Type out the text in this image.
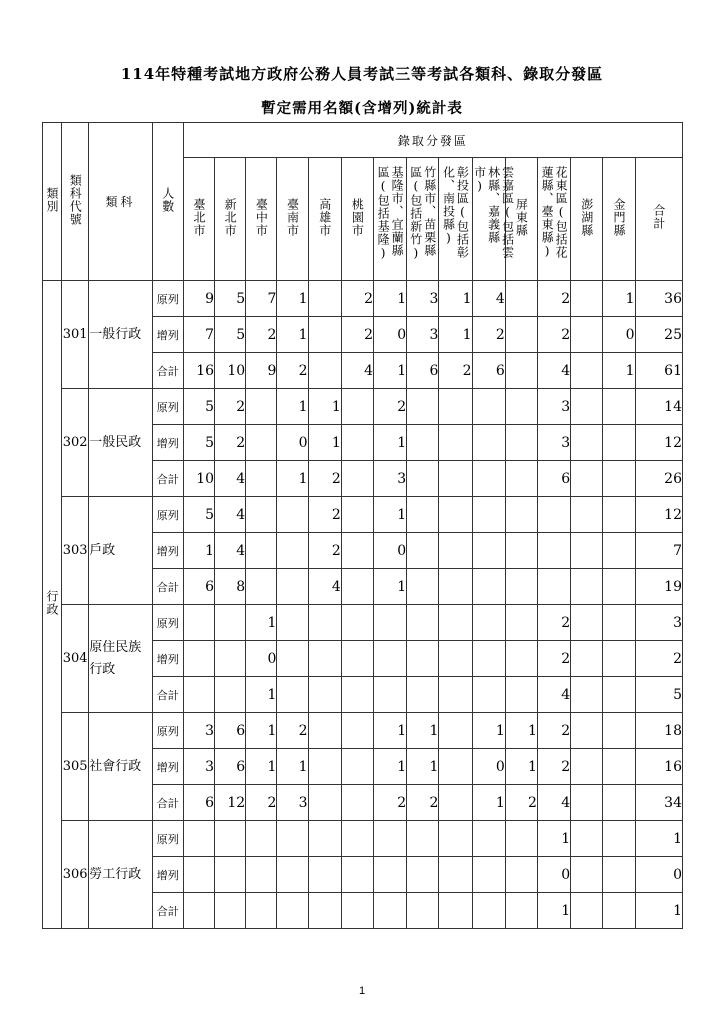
114年特種考試地方政府公務人員考試三等考試各類科、錄取分發區
暫定需用名額(含增列)統計表
類別	類科代號	類科	人數	錄取分發區														
				臺北市	新北市	臺中市	臺南市	高雄市	桃園市	基隆市、宜蘭縣區(包括基隆)	竹縣市、苗栗縣區(包括新竹)	彰投區(包括彰化、南投縣)	雲嘉區(包括雲林縣、嘉義縣市)	屏東縣	花東區(包括花蓮縣、臺東縣)	澎湖縣	金門縣	合計
行政	301	一般行政	原列	9	5	7	1		2	1	3	1	4		2		1	36
			增列	7	5	2	1		2	0	3	1	2		2		0	25
			合計	16	10	9	2		4	1	6	2	6		4		1	61
	302	一般民政	原列	5	2		1	1		2					3			14
			增列	5	2		0	1		1					3			12
			合計	10	4		1	2		3					6			26
	303	戶政	原列	5	4			2		1								12
			增列	1	4			2		0								7
			合計	6	8			4		1								19
	304	原住民族行政	原列			1									2			3
			增列			0									2			2
			合計			1									4			5
	305	社會行政	原列	3	6	1	2			1	1		1	1	2			18
			增列	3	6	1	1			1	1		0	1	2			16
			合計	6	12	2	3			2	2		1	2	4			34
	306	勞工行政	原列												1			1
			增列												0			0
			合計												1			1
1
